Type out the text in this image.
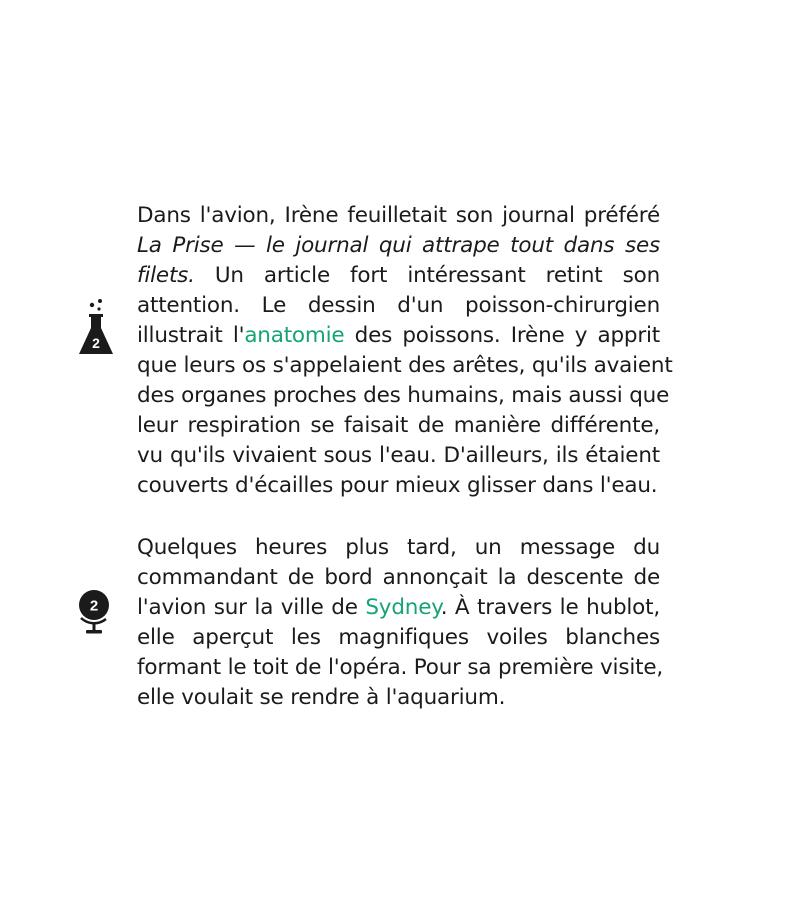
2
2
Dans l'avion, Irène feuilletait son journal préféré
La Prise — le journal qui attrape tout dans ses
filets. Un article fort intéressant retint son
attention. Le dessin d'un poisson-chirurgien
illustrait l'anatomie des poissons. Irène y apprit
que leurs os s'appelaient des arêtes, qu'ils avaient
des organes proches des humains, mais aussi que
leur respiration se faisait de manière différente,
vu qu'ils vivaient sous l'eau. D'ailleurs, ils étaient
couverts d'écailles pour mieux glisser dans l'eau.
Quelques heures plus tard, un message du
commandant de bord annonçait la descente de
l'avion sur la ville de Sydney. À travers le hublot,
elle aperçut les magnifiques voiles blanches
formant le toit de l'opéra. Pour sa première visite,
elle voulait se rendre à l'aquarium.
